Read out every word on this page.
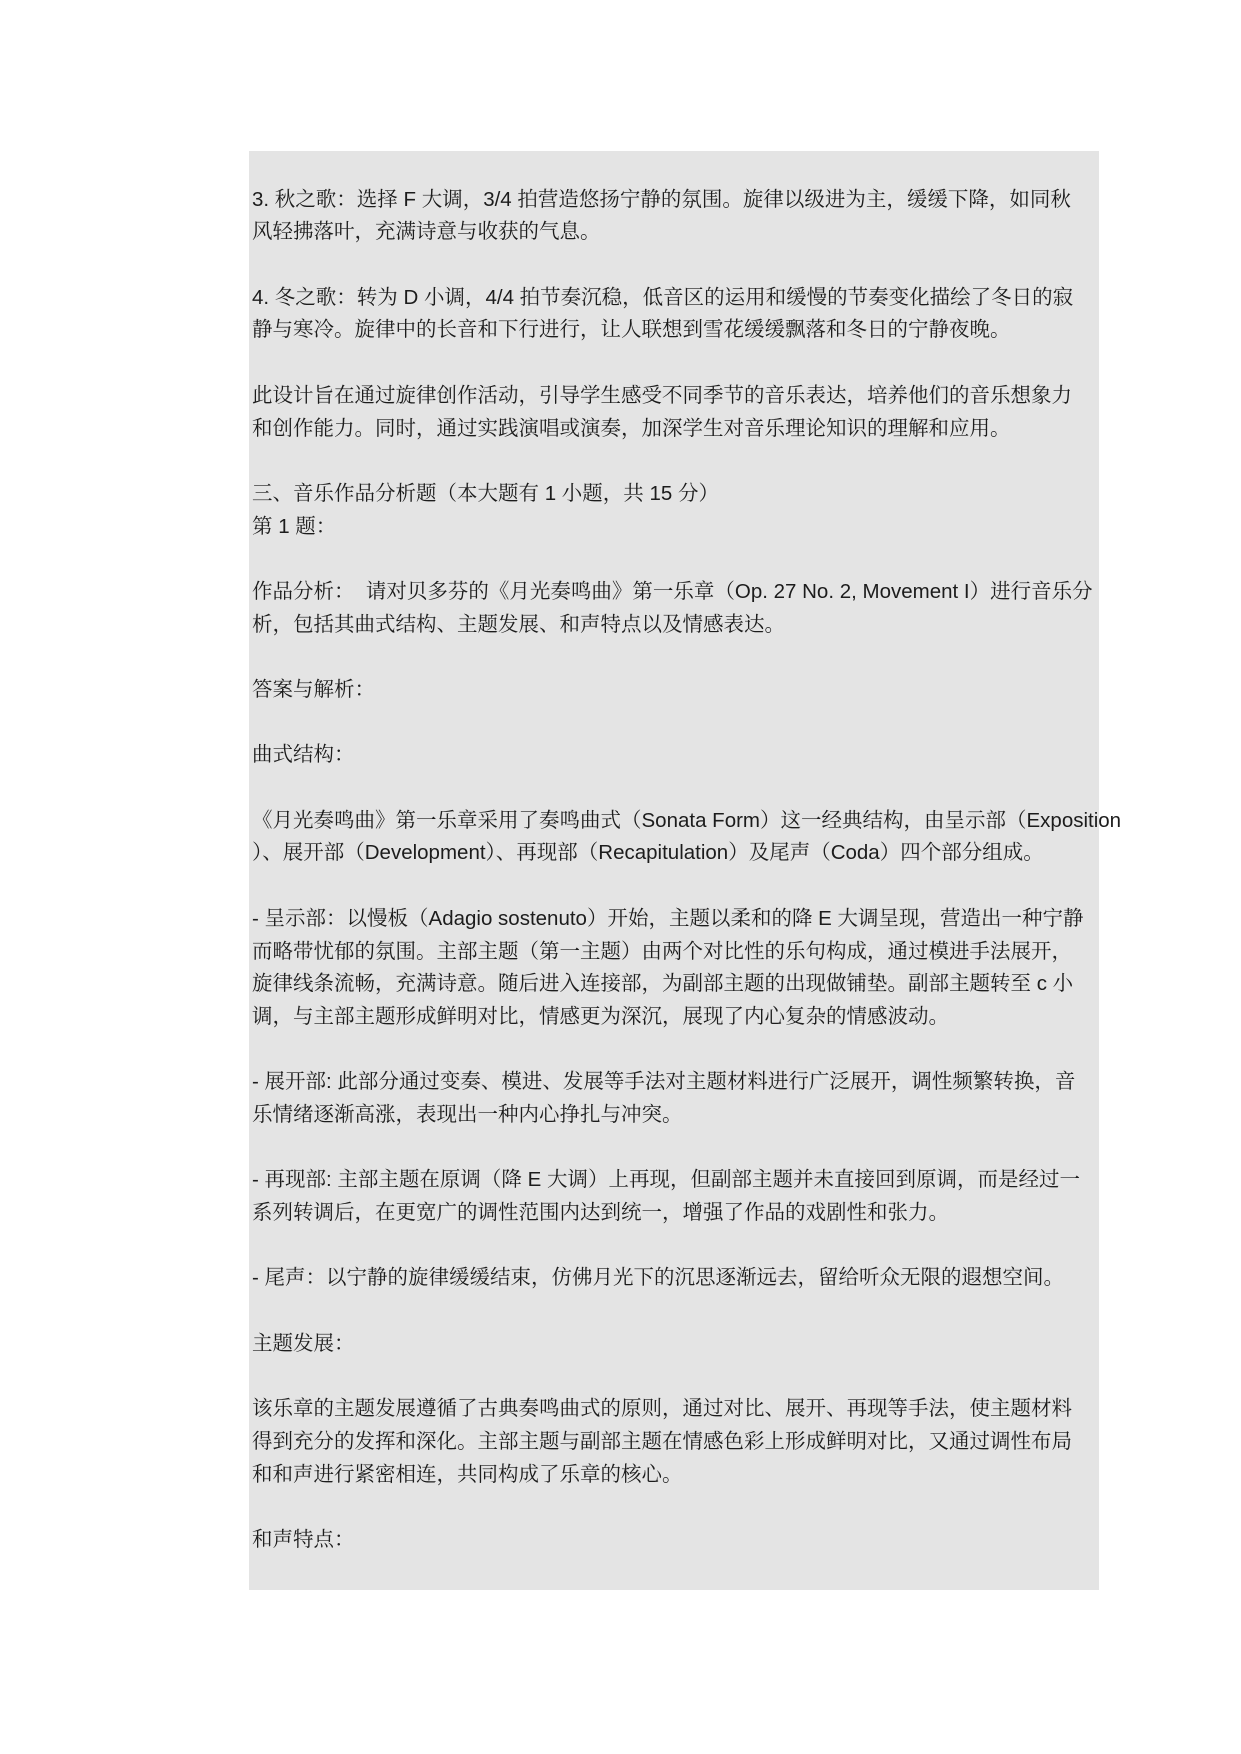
3. 秋之歌：选择 F 大调，3/4 拍营造悠扬宁静的氛围。旋律以级进为主，缓缓下降，如同秋
风轻拂落叶，充满诗意与收获的气息。
4. 冬之歌：转为 D 小调，4/4 拍节奏沉稳，低音区的运用和缓慢的节奏变化描绘了冬日的寂
静与寒冷。旋律中的长音和下行进行，让人联想到雪花缓缓飘落和冬日的宁静夜晚。
此设计旨在通过旋律创作活动，引导学生感受不同季节的音乐表达，培养他们的音乐想象力
和创作能力。同时，通过实践演唱或演奏，加深学生对音乐理论知识的理解和应用。
三、音乐作品分析题（本大题有 1 小题，共 15 分）
第 1 题：
作品分析：  请对贝多芬的《月光奏鸣曲》第一乐章（Op. 27 No. 2, Movement I）进行音乐分
析，包括其曲式结构、主题发展、和声特点以及情感表达。
答案与解析：
曲式结构：
《月光奏鸣曲》第一乐章采用了奏鸣曲式（Sonata Form）这一经典结构，由呈示部（Exposition
）、展开部（Development）、再现部（Recapitulation）及尾声（Coda）四个部分组成。
- 呈示部：以慢板（Adagio sostenuto）开始，主题以柔和的降 E 大调呈现，营造出一种宁静
而略带忧郁的氛围。主部主题（第一主题）由两个对比性的乐句构成，通过模进手法展开，
旋律线条流畅，充满诗意。随后进入连接部，为副部主题的出现做铺垫。副部主题转至 c 小
调，与主部主题形成鲜明对比，情感更为深沉，展现了内心复杂的情感波动。
- 展开部: 此部分通过变奏、模进、发展等手法对主题材料进行广泛展开，调性频繁转换，音
乐情绪逐渐高涨，表现出一种内心挣扎与冲突。
- 再现部: 主部主题在原调（降 E 大调）上再现，但副部主题并未直接回到原调，而是经过一
系列转调后，在更宽广的调性范围内达到统一，增强了作品的戏剧性和张力。
- 尾声：以宁静的旋律缓缓结束，仿佛月光下的沉思逐渐远去，留给听众无限的遐想空间。
主题发展：
该乐章的主题发展遵循了古典奏鸣曲式的原则，通过对比、展开、再现等手法，使主题材料
得到充分的发挥和深化。主部主题与副部主题在情感色彩上形成鲜明对比，又通过调性布局
和和声进行紧密相连，共同构成了乐章的核心。
和声特点：
